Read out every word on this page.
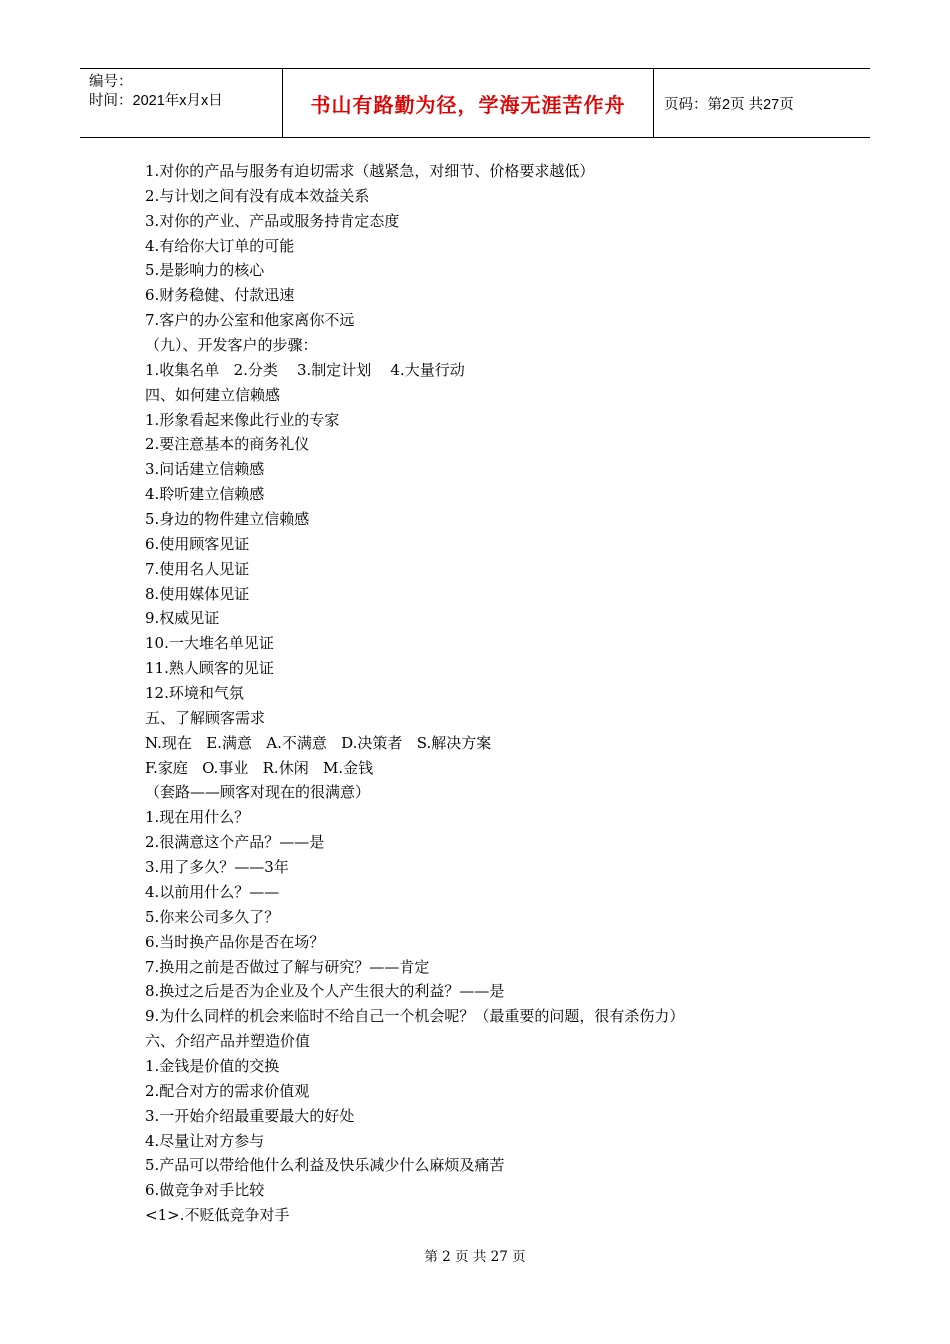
编号：
时间：2021年x月x日	书山有路勤为径，学海无涯苦作舟	页码：第2页 共27页
1.对你的产品与服务有迫切需求（越紧急，对细节、价格要求越低）
2.与计划之间有没有成本效益关系
3.对你的产业、产品或服务持肯定态度
4.有给你大订单的可能
5.是影响力的核心
6.财务稳健、付款迅速
7.客户的办公室和他家离你不远
（九）、开发客户的步骤：
1.收集名单   2.分类    3.制定计划    4.大量行动
四、如何建立信赖感
1.形象看起来像此行业的专家
2.要注意基本的商务礼仪
3.问话建立信赖感
4.聆听建立信赖感
5.身边的物件建立信赖感
6.使用顾客见证
7.使用名人见证
8.使用媒体见证
9.权威见证
10.一大堆名单见证
11.熟人顾客的见证
12.环境和气氛
五、了解顾客需求
N.现在   E.满意   A.不满意   D.决策者   S.解决方案
F.家庭   O.事业   R.休闲   M.金钱
（套路——顾客对现在的很满意）
1.现在用什么？
2.很满意这个产品？——是
3.用了多久？——3年
4.以前用什么？——
5.你来公司多久了？
6.当时换产品你是否在场？
7.换用之前是否做过了解与研究？——肯定
8.换过之后是否为企业及个人产生很大的利益？——是
9.为什么同样的机会来临时不给自己一个机会呢？（最重要的问题，很有杀伤力）
六、介绍产品并塑造价值
1.金钱是价值的交换
2.配合对方的需求价值观
3.一开始介绍最重要最大的好处
4.尽量让对方参与
5.产品可以带给他什么利益及快乐减少什么麻烦及痛苦
6.做竞争对手比较
<1>.不贬低竞争对手
第 2 页 共 27 页
